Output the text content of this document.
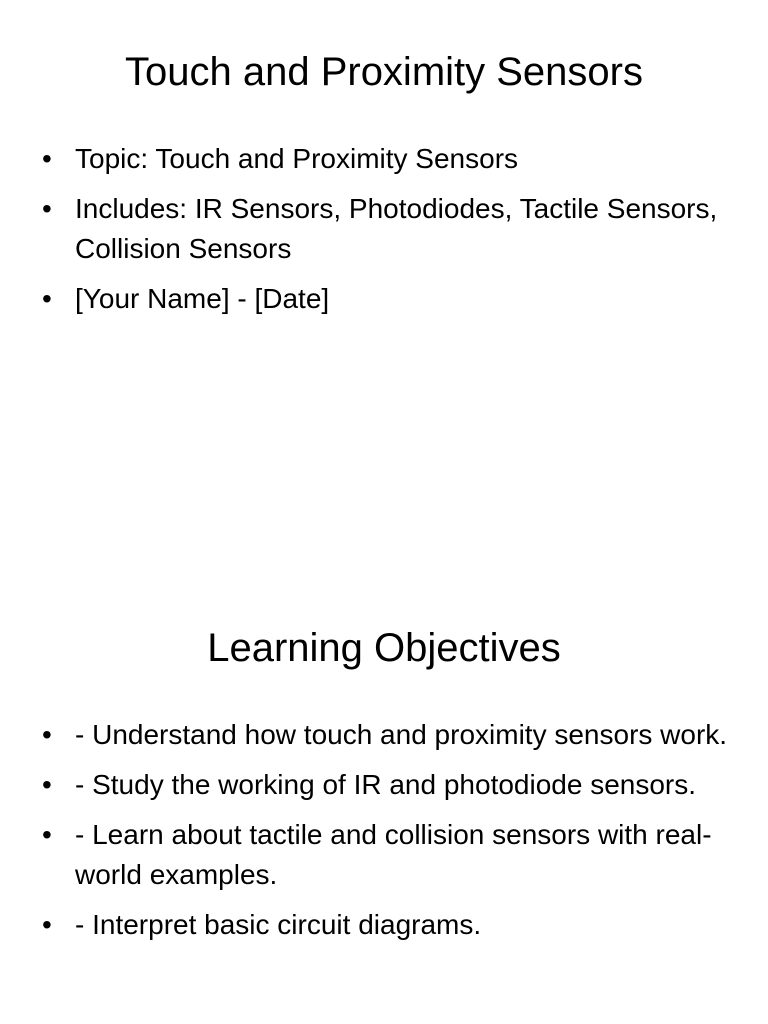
Touch and Proximity Sensors
• Topic: Touch and Proximity Sensors
• Includes: IR Sensors, Photodiodes, Tactile Sensors, Collision Sensors
• [Your Name] - [Date]
Learning Objectives
• - Understand how touch and proximity sensors work.
• - Study the working of IR and photodiode sensors.
• - Learn about tactile and collision sensors with real-world examples.
• - Interpret basic circuit diagrams.
